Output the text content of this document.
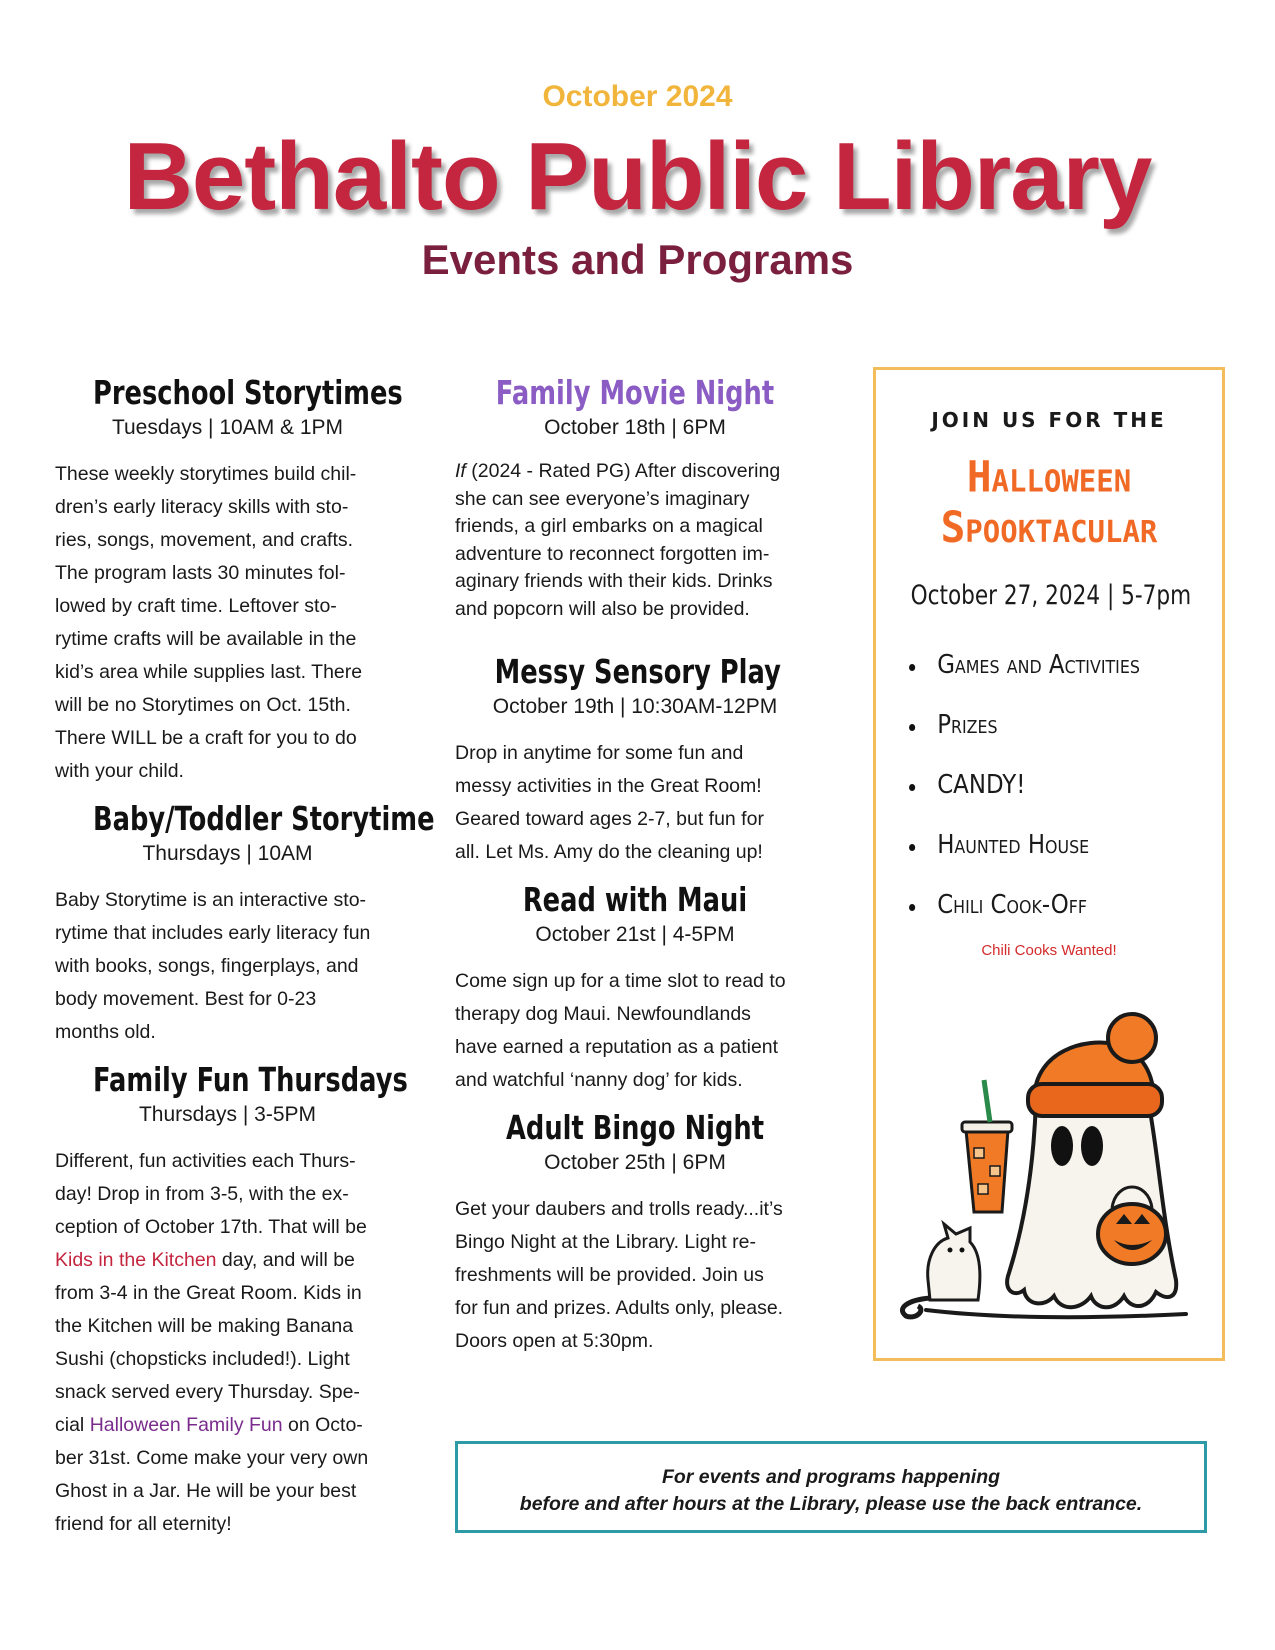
October 2024
Bethalto Public Library
Events and Programs
Preschool Storytimes
Tuesdays | 10AM & 1PM
These weekly storytimes build chil-
dren’s early literacy skills with sto-
ries, songs, movement, and crafts.
The program lasts 30 minutes fol-
lowed by craft time. Leftover sto-
rytime crafts will be available in the
kid’s area while supplies last. There
will be no Storytimes on Oct. 15th.
There WILL be a craft for you to do
with your child.
Baby/Toddler Storytime
Thursdays | 10AM
Baby Storytime is an interactive sto-
rytime that includes early literacy fun
with books, songs, fingerplays, and
body movement. Best for 0-23
months old.
Family Fun Thursdays
Thursdays | 3-5PM
Different, fun activities each Thurs-
day! Drop in from 3-5, with the ex-
ception of October 17th. That will be
Kids in the Kitchen day, and will be
from 3-4 in the Great Room. Kids in
the Kitchen will be making Banana
Sushi (chopsticks included!). Light
snack served every Thursday. Spe-
cial Halloween Family Fun on Octo-
ber 31st. Come make your very own
Ghost in a Jar. He will be your best
friend for all eternity!
Family Movie Night
October 18th | 6PM
If (2024 - Rated PG) After discovering
she can see everyone’s imaginary
friends, a girl embarks on a magical
adventure to reconnect forgotten im-
aginary friends with their kids. Drinks
and popcorn will also be provided.
Messy Sensory Play
October 19th | 10:30AM-12PM
Drop in anytime for some fun and
messy activities in the Great Room!
Geared toward ages 2-7, but fun for
all. Let Ms. Amy do the cleaning up!
Read with Maui
October 21st | 4-5PM
Come sign up for a time slot to read to
therapy dog Maui. Newfoundlands
have earned a reputation as a patient
and watchful ‘nanny dog’ for kids.
Adult Bingo Night
October 25th | 6PM
Get your daubers and trolls ready...it’s
Bingo Night at the Library. Light re-
freshments will be provided. Join us
for fun and prizes. Adults only, please.
Doors open at 5:30pm.
JOIN US FOR THE
Halloween
Spooktacular
October 27, 2024 | 5-7pm
Games and Activities
Prizes
CANDY!
Haunted House
Chili Cook-Off
Chili Cooks Wanted!
For events and programs happening
before and after hours at the Library, please use the back entrance.
